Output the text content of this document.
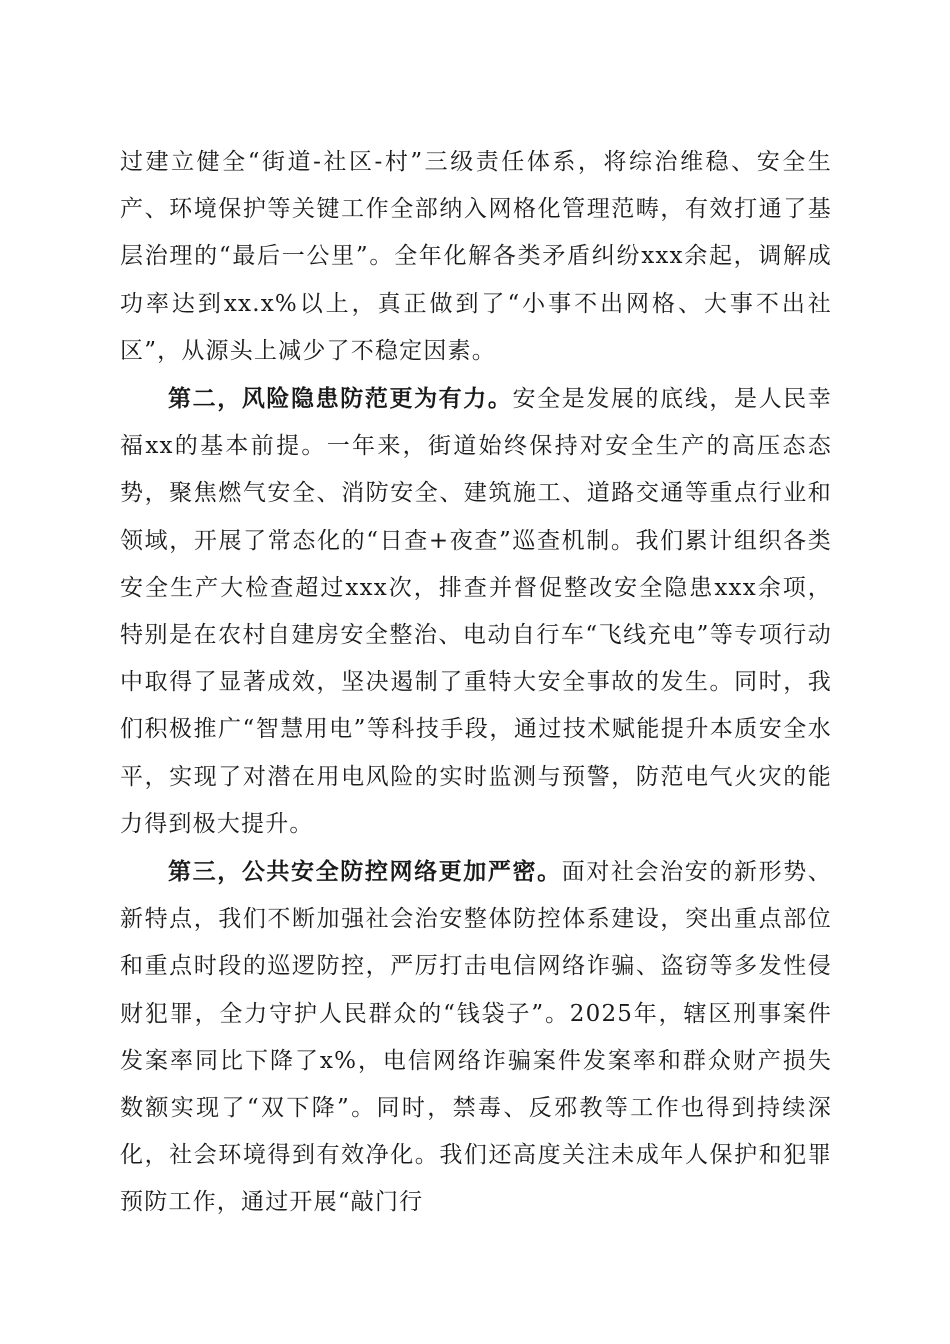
过建立健全“街道-社区-村”三级责任体系，将综治维稳、安全生产、环境保护等关键工作全部纳入网格化管理范畴，有效打通了基层治理的“最后一公里”。全年化解各类矛盾纠纷xxx余起，调解成功率达到xx.x%以上，真正做到了“小事不出网格、大事不出社区”，从源头上减少了不稳定因素。

第二，风险隐患防范更为有力。安全是发展的底线，是人民幸福xx的基本前提。一年来，街道始终保持对安全生产的高压态态势，聚焦燃气安全、消防安全、建筑施工、道路交通等重点行业和领域，开展了常态化的“日查+夜查”巡查机制。我们累计组织各类安全生产大检查超过xxx次，排查并督促整改安全隐患xxx余项，特别是在农村自建房安全整治、电动自行车“飞线充电”等专项行动中取得了显著成效，坚决遏制了重特大安全事故的发生。同时，我们积极推广“智慧用电”等科技手段，通过技术赋能提升本质安全水平，实现了对潜在用电风险的实时监测与预警，防范电气火灾的能力得到极大提升。

第三，公共安全防控网络更加严密。面对社会治安的新形势、新特点，我们不断加强社会治安整体防控体系建设，突出重点部位和重点时段的巡逻防控，严厉打击电信网络诈骗、盗窃等多发性侵财犯罪，全力守护人民群众的“钱袋子”。2025年，辖区刑事案件发案率同比下降了x%，电信网络诈骗案件发案率和群众财产损失数额实现了“双下降”。同时，禁毒、反邪教等工作也得到持续深化，社会环境得到有效净化。我们还高度关注未成年人保护和犯罪预防工作，通过开展“敲门行
